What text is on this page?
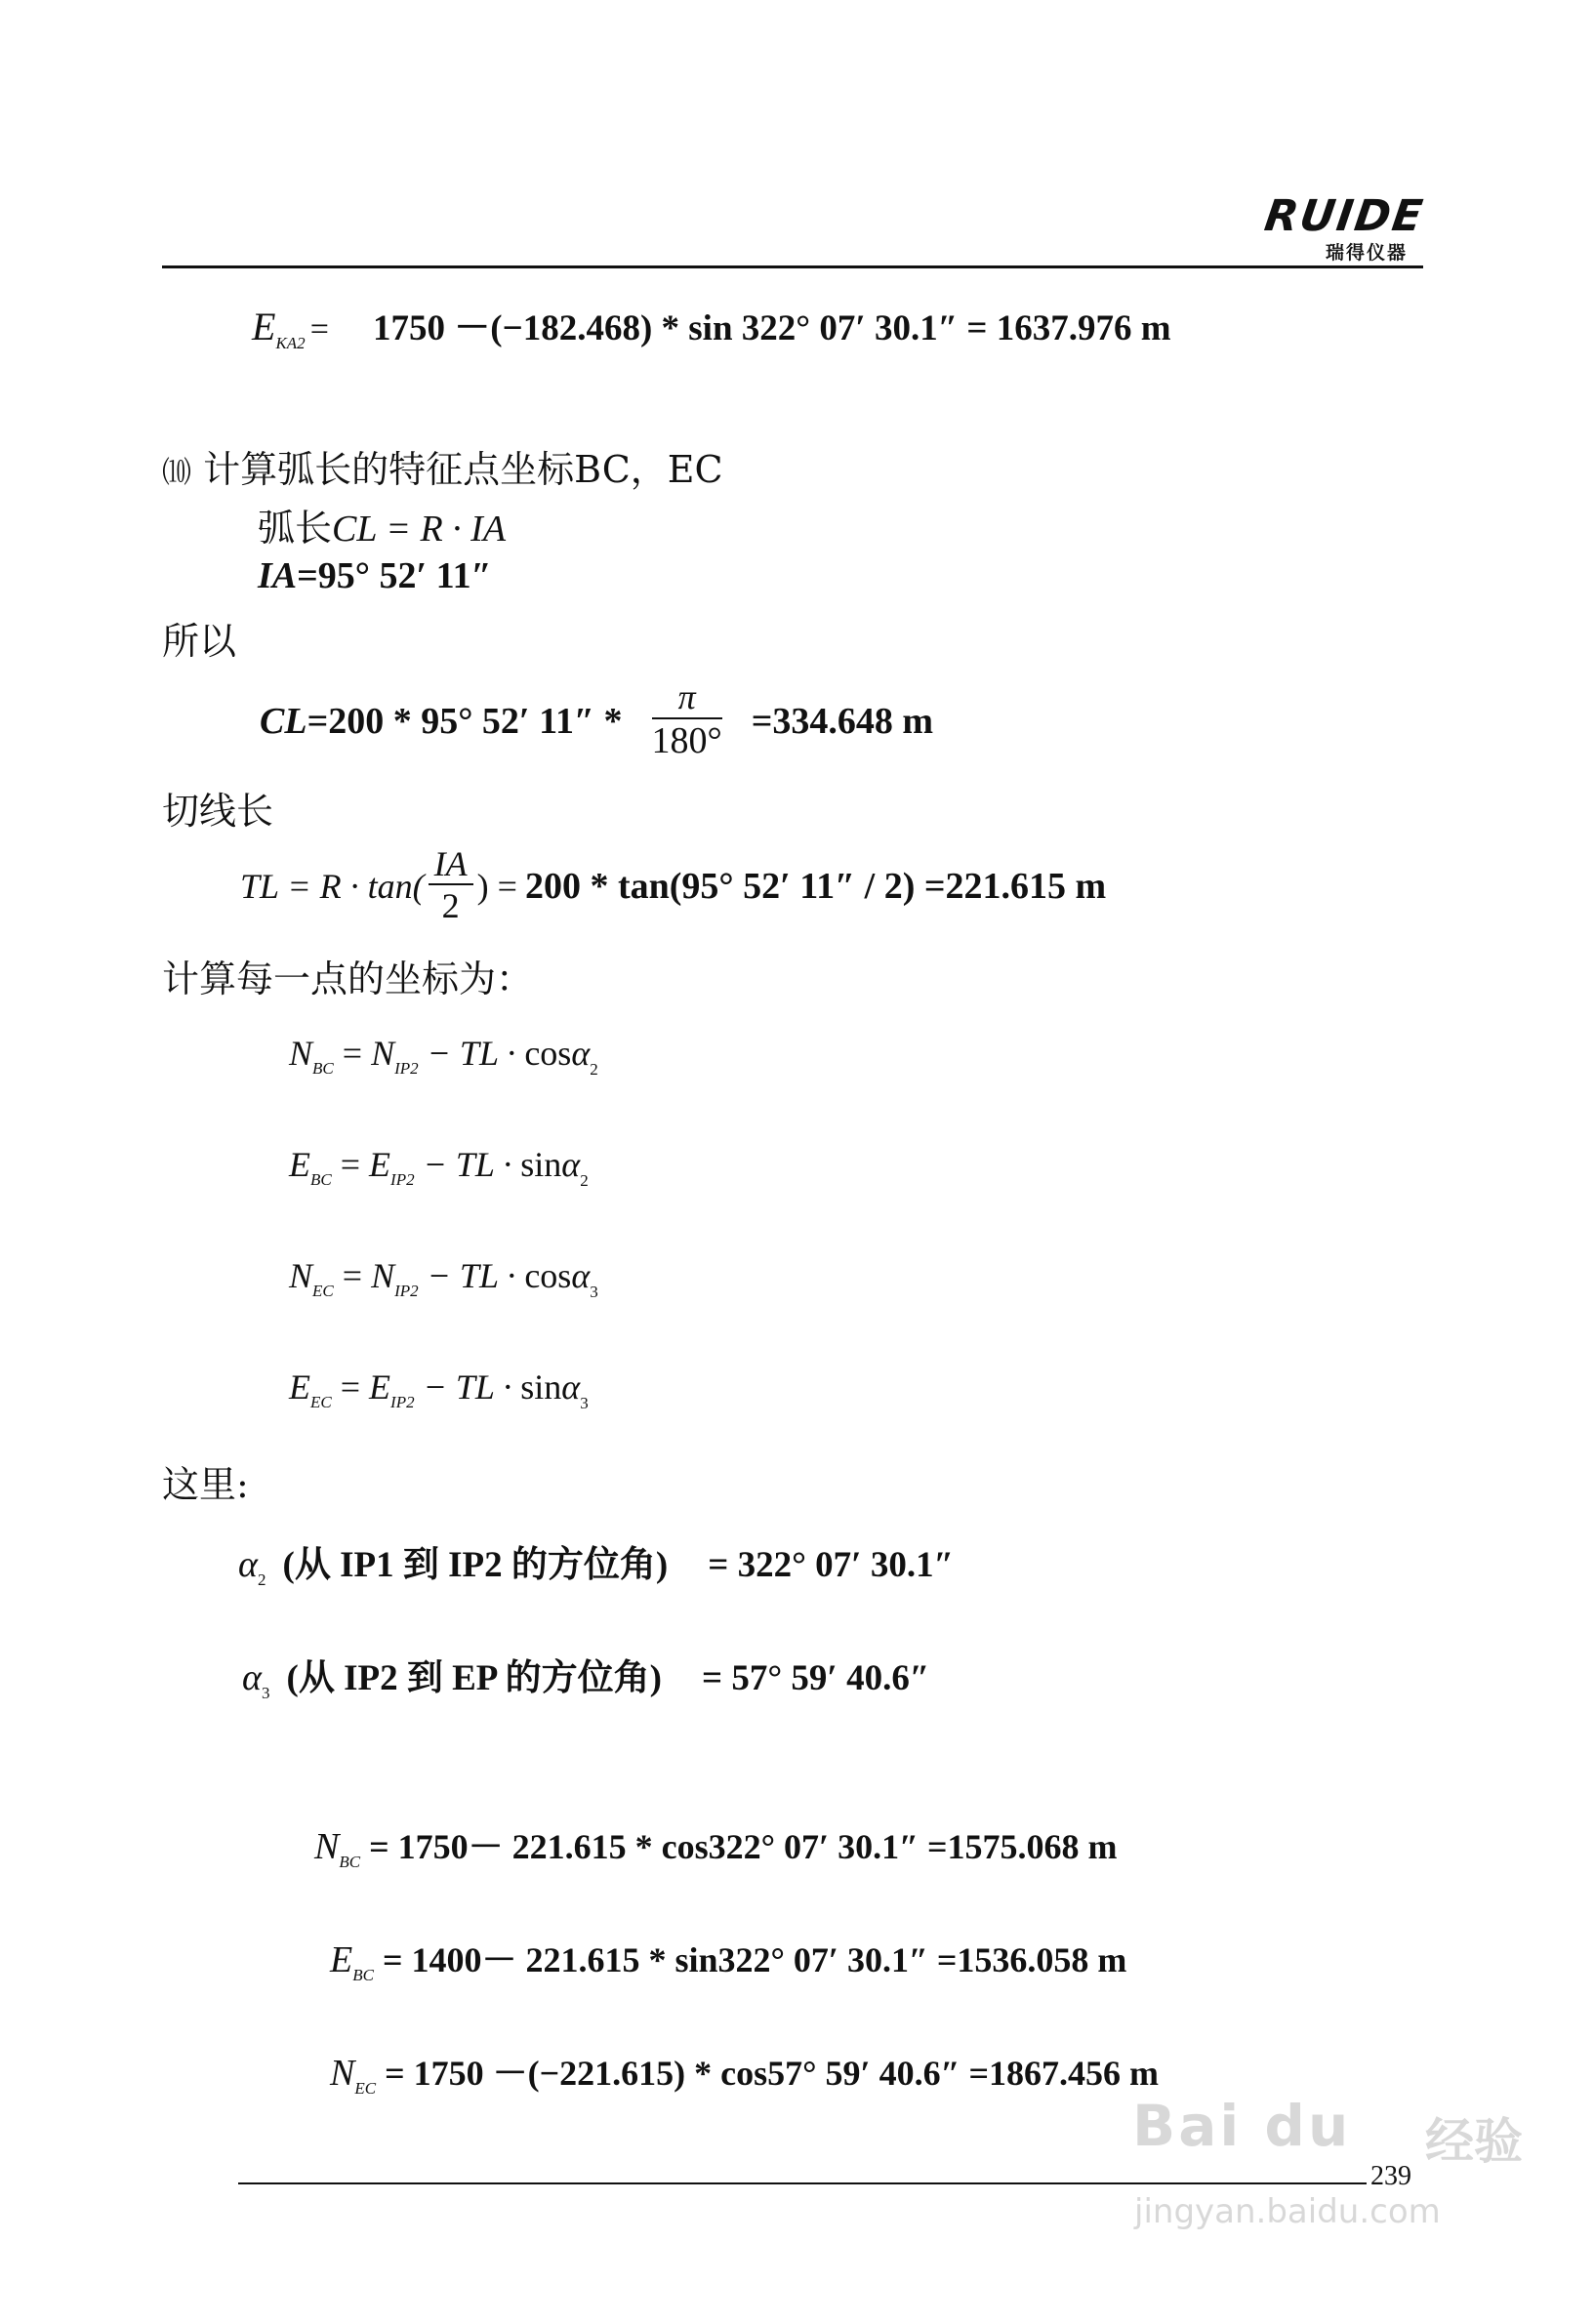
RUIDE
瑞得仪器
EKA2 = 1750 －(−182.468) * sin 322° 07′ 30.1″ = 1637.976 m
⑽ 计算弧长的特征点坐标BC，EC
弧长CL = R · IA
IA=95° 52′ 11″
所以
CL =200 * 95° 52′ $11'' * \frac{\pi}{180^\circ} =334.648$ m
切线长
TL = $R \cdot \tan( \frac{IA}{2}$ ) = 200 * tan(95° 52′ 11″ / 2) =221.615 m
计算每一点的坐标为：
$N_{BC} = N_{IP2}$ − TL · cosα$_2$
$E_{BC} = E_{IP2}$ − TL · sinα$_2$
$N_{EC} = N_{IP2}$ − TL · cosα$_3$
$E_{EC} = E_{IP2}$ − TL · sinα$_3$
这里:
α2 (从 IP1 到 IP2 的方位角) = 322° 07′ 30.1″
α3 (从 IP2 到 EP 的方位角) = 57° 59′ 40.6″
NBC = 1750－ 221.615 * cos322° 07′ 30.1″ =1575.068 m
EBC = 1400－ 221.615 * sin322° 07′ 30.1″ =1536.058 m
NEC = 1750 －(−221.615) * cos57° 59′ 40.6″ =1867.456 m
Bai du 经验
jingyan.baidu.com
239
